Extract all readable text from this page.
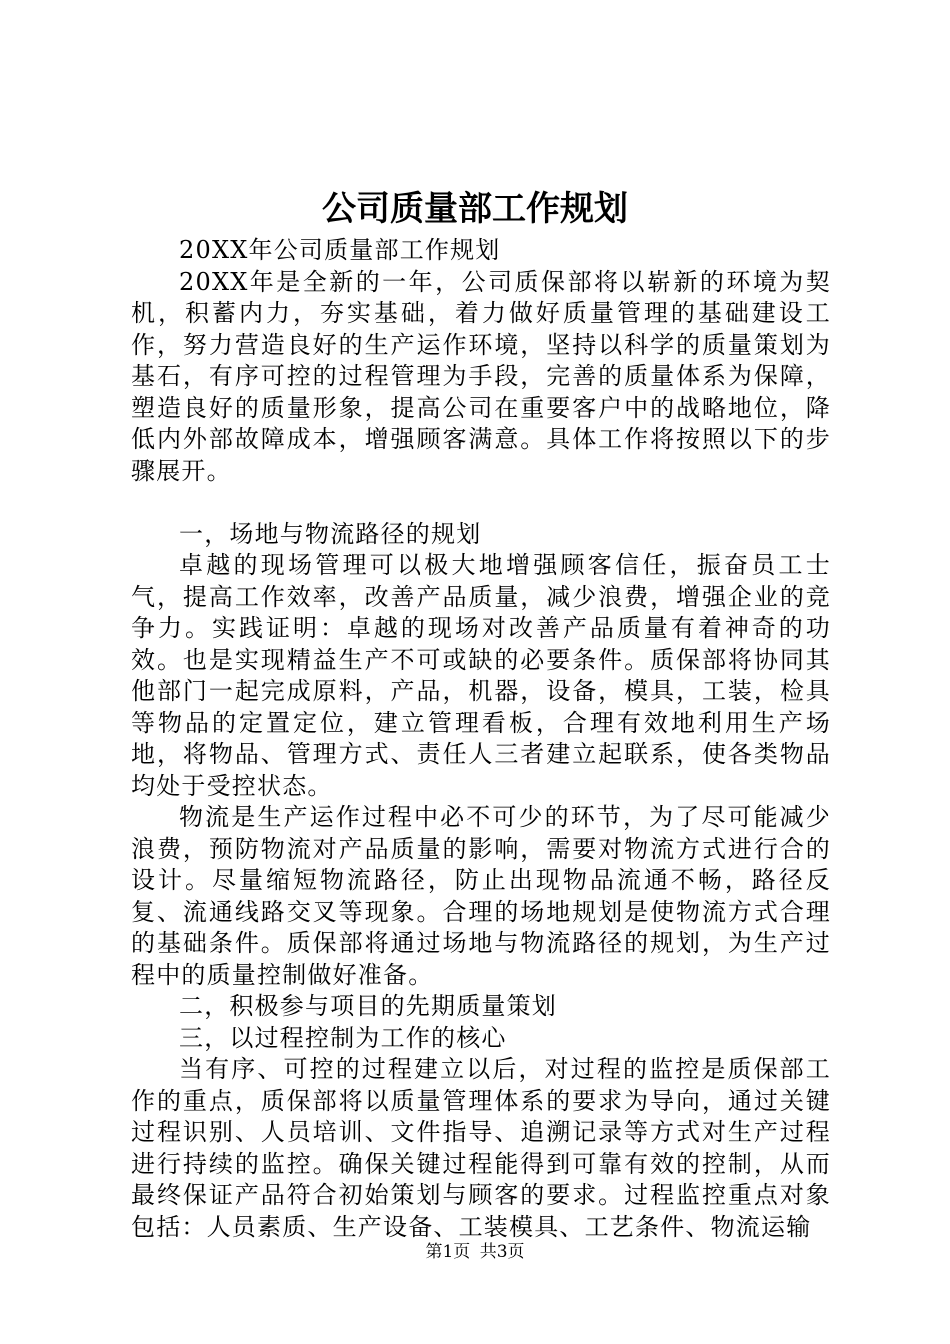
公司质量部工作规划

20XX年公司质量部工作规划

20XX年是全新的一年，公司质保部将以崭新的环境为契机，积蓄内力，夯实基础，着力做好质量管理的基础建设工作，努力营造良好的生产运作环境，坚持以科学的质量策划为基石，有序可控的过程管理为手段，完善的质量体系为保障，塑造良好的质量形象，提高公司在重要客户中的战略地位，降低内外部故障成本，增强顾客满意。具体工作将按照以下的步骤展开。

一，场地与物流路径的规划

卓越的现场管理可以极大地增强顾客信任，振奋员工士气，提高工作效率，改善产品质量，减少浪费，增强企业的竞争力。实践证明：卓越的现场对改善产品质量有着神奇的功效。也是实现精益生产不可或缺的必要条件。质保部将协同其他部门一起完成原料，产品，机器，设备，模具，工装，检具等物品的定置定位，建立管理看板，合理有效地利用生产场地，将物品、管理方式、责任人三者建立起联系，使各类物品均处于受控状态。

物流是生产运作过程中必不可少的环节，为了尽可能减少浪费，预防物流对产品质量的影响，需要对物流方式进行合的设计。尽量缩短物流路径，防止出现物品流通不畅，路径反复、流通线路交叉等现象。合理的场地规划是使物流方式合理的基础条件。质保部将通过场地与物流路径的规划，为生产过程中的质量控制做好准备。

二，积极参与项目的先期质量策划

三，以过程控制为工作的核心

当有序、可控的过程建立以后，对过程的监控是质保部工作的重点，质保部将以质量管理体系的要求为导向，通过关键过程识别、人员培训、文件指导、追溯记录等方式对生产过程进行持续的监控。确保关键过程能得到可靠有效的控制，从而最终保证产品符合初始策划与顾客的要求。过程监控重点对象包括：人员素质、生产设备、工装模具、工艺条件、物流运输

第1页 共3页
